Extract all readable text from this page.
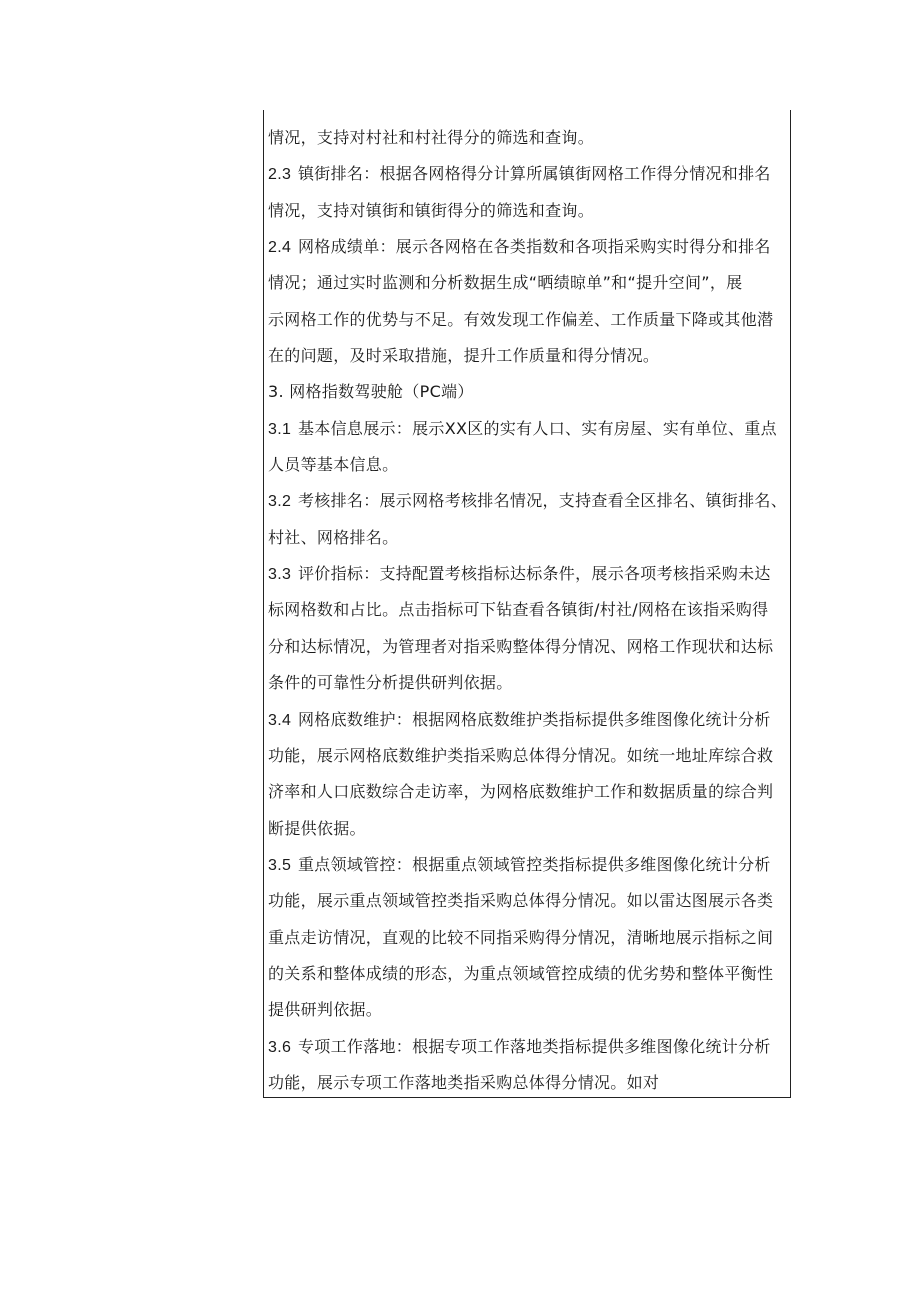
情况，支持对村社和村社得分的筛选和查询。
2.3 镇街排名：根据各网格得分计算所属镇街网格工作得分情况和排名
情况，支持对镇街和镇街得分的筛选和查询。
2.4 网格成绩单：展示各网格在各类指数和各项指采购实时得分和排名
情况；通过实时监测和分析数据生成“晒绩晾单”和“提升空间”，展
示网格工作的优势与不足。有效发现工作偏差、工作质量下降或其他潜
在的问题，及时采取措施，提升工作质量和得分情况。
3. 网格指数驾驶舱（PC端）
3.1 基本信息展示：展示XX区的实有人口、实有房屋、实有单位、重点
人员等基本信息。
3.2 考核排名：展示网格考核排名情况，支持查看全区排名、镇街排名、
村社、网格排名。
3.3 评价指标：支持配置考核指标达标条件，展示各项考核指采购未达
标网格数和占比。点击指标可下钻查看各镇街/村社/网格在该指采购得
分和达标情况，为管理者对指采购整体得分情况、网格工作现状和达标
条件的可靠性分析提供研判依据。
3.4 网格底数维护：根据网格底数维护类指标提供多维图像化统计分析
功能，展示网格底数维护类指采购总体得分情况。如统一地址库综合救
济率和人口底数综合走访率，为网格底数维护工作和数据质量的综合判
断提供依据。
3.5 重点领域管控：根据重点领域管控类指标提供多维图像化统计分析
功能，展示重点领域管控类指采购总体得分情况。如以雷达图展示各类
重点走访情况，直观的比较不同指采购得分情况，清晰地展示指标之间
的关系和整体成绩的形态，为重点领域管控成绩的优劣势和整体平衡性
提供研判依据。
3.6 专项工作落地：根据专项工作落地类指标提供多维图像化统计分析
功能，展示专项工作落地类指采购总体得分情况。如对
